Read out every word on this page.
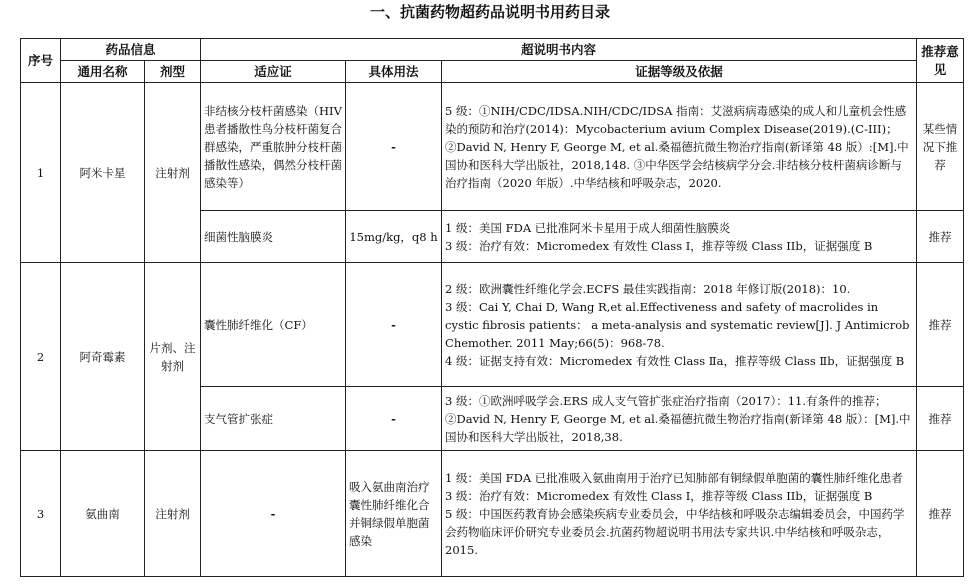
一、抗菌药物超药品说明书用药目录
序号	药品信息		超说明书内容			推荐意见
	通用名称	剂型	适应证	具体用法	证据等级及依据	
1	阿米卡星	注射剂	非结核分枝杆菌感染（HIV 患者播散性鸟分枝杆菌复合群感染，严重脓肿分枝杆菌播散性感染，偶然分枝杆菌感染等）	-	5 级：①NIH/CDC/IDSA.NIH/CDC/IDSA 指南：艾滋病病毒感染的成人和儿童机会性感染的预防和治疗(2014)：Mycobacterium avium Complex Disease(2019).(C-III)； ②David N, Henry F, George M, et al.桑福德抗微生物治疗指南(新译第 48 版）:[M].中国协和医科大学出版社，2018,148. ③中华医学会结核病学分会.非结核分枝杆菌病诊断与治疗指南（2020 年版）.中华结核和呼吸杂志，2020.	某些情况下推荐
			细菌性脑膜炎	15mg/kg，q8 h	1 级：美国 FDA 已批准阿米卡星用于成人细菌性脑膜炎
3 级：治疗有效：Micromedex 有效性 Class I，推荐等级 Class IIb，证据强度 B	推荐
2	阿奇霉素	片剂、注射剂	囊性肺纤维化（CF）	-	2 级：欧洲囊性纤维化学会.ECFS 最佳实践指南：2018 年修订版(2018)：10.
3 级：Cai Y, Chai D, Wang R,et al.Effectiveness and safety of macrolides in cystic fibrosis patients： a meta-analysis and systematic review[J]. J Antimicrob Chemother. 2011 May;66(5)：968-78.
4 级：证据支持有效：Micromedex 有效性 Class Ⅱa，推荐等级 Class Ⅱb，证据强度 B	推荐
			支气管扩张症	-	3 级：①欧洲呼吸学会.ERS 成人支气管扩张症治疗指南（2017）：11.有条件的推荐；②David N, Henry F, George M, et al.桑福德抗微生物治疗指南(新译第 48 版）：[M].中国协和医科大学出版社，2018,38.	推荐
3	氨曲南	注射剂	-	吸入氨曲南治疗囊性肺纤维化合并铜绿假单胞菌感染	1 级：美国 FDA 已批准吸入氨曲南用于治疗已知肺部有铜绿假单胞菌的囊性肺纤维化患者
3 级：治疗有效：Micromedex 有效性 Class I，推荐等级 Class IIb，证据强度 B
5 级：中国医药教育协会感染疾病专业委员会，中华结核和呼吸杂志编辑委员会，中国药学会药物临床评价研究专业委员会.抗菌药物超说明书用法专家共识.中华结核和呼吸杂志，2015.	推荐
